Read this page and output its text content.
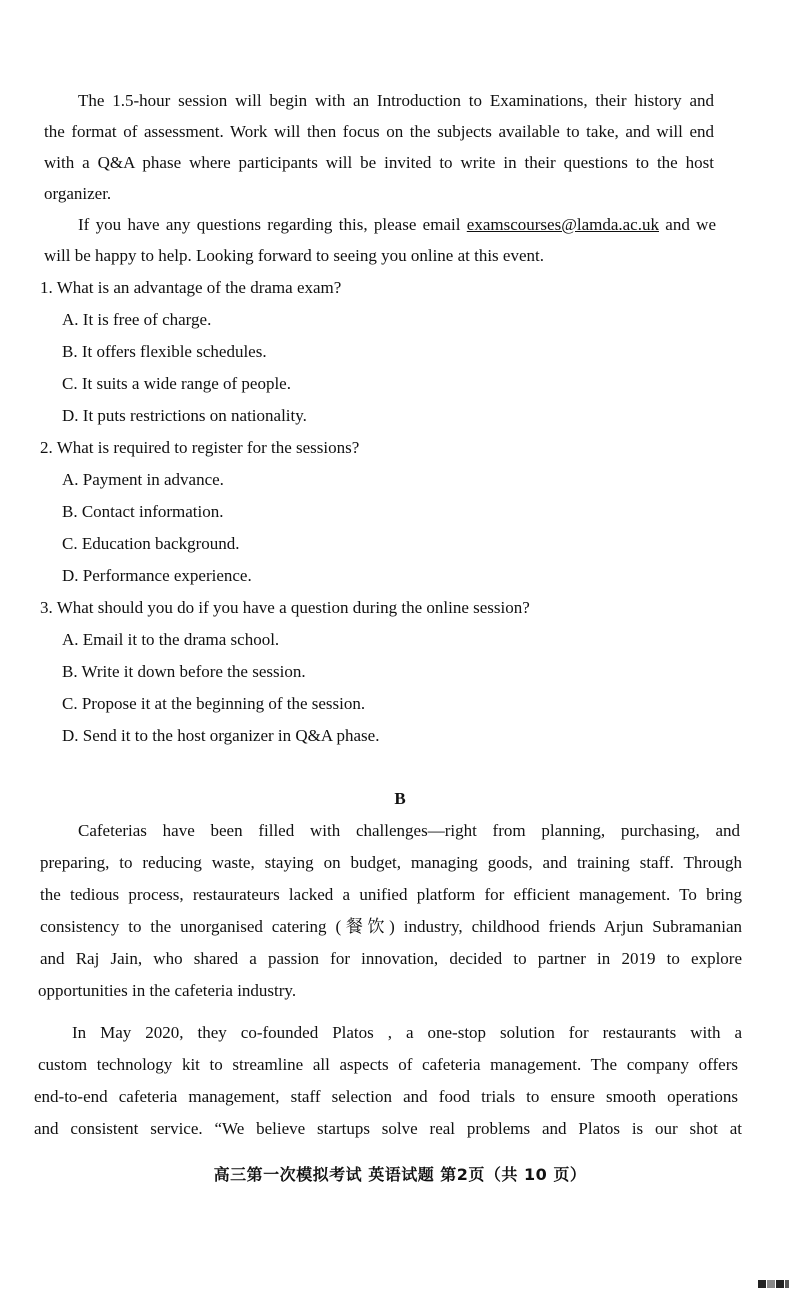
The 1.5-hour session will begin with an Introduction to Examinations, their history and
the format of assessment. Work will then focus on the subjects available to take, and will end
with a Q&A phase where participants will be invited to write in their questions to the host
organizer.
If you have any questions regarding this, please email examscourses@lamda.ac.uk and we
will be happy to help. Looking forward to seeing you online at this event.
1. What is an advantage of the drama exam?
A. It is free of charge.
B. It offers flexible schedules.
C. It suits a wide range of people.
D. It puts restrictions on nationality.
2. What is required to register for the sessions?
A. Payment in advance.
B. Contact information.
C. Education background.
D. Performance experience.
3. What should you do if you have a question during the online session?
A. Email it to the drama school.
B. Write it down before the session.
C. Propose it at the beginning of the session.
D. Send it to the host organizer in Q&A phase.
B
Cafeterias have been filled with challenges—right from planning, purchasing, and
preparing, to reducing waste, staying on budget, managing goods, and training staff. Through
the tedious process, restaurateurs lacked a unified platform for efficient management. To bring
consistency to the unorganised catering (餐饮) industry, childhood friends Arjun Subramanian
and Raj Jain, who shared a passion for innovation, decided to partner in 2019 to explore
opportunities in the cafeteria industry.
In May 2020, they co-founded Platos , a one-stop solution for restaurants with a
custom technology kit to streamline all aspects of cafeteria management. The company offers
end-to-end cafeteria management, staff selection and food trials to ensure smooth operations
and consistent service. “We believe startups solve real problems and Platos is our shot at
高三第一次模拟考试 英语试题 第2页（共 10 页）
